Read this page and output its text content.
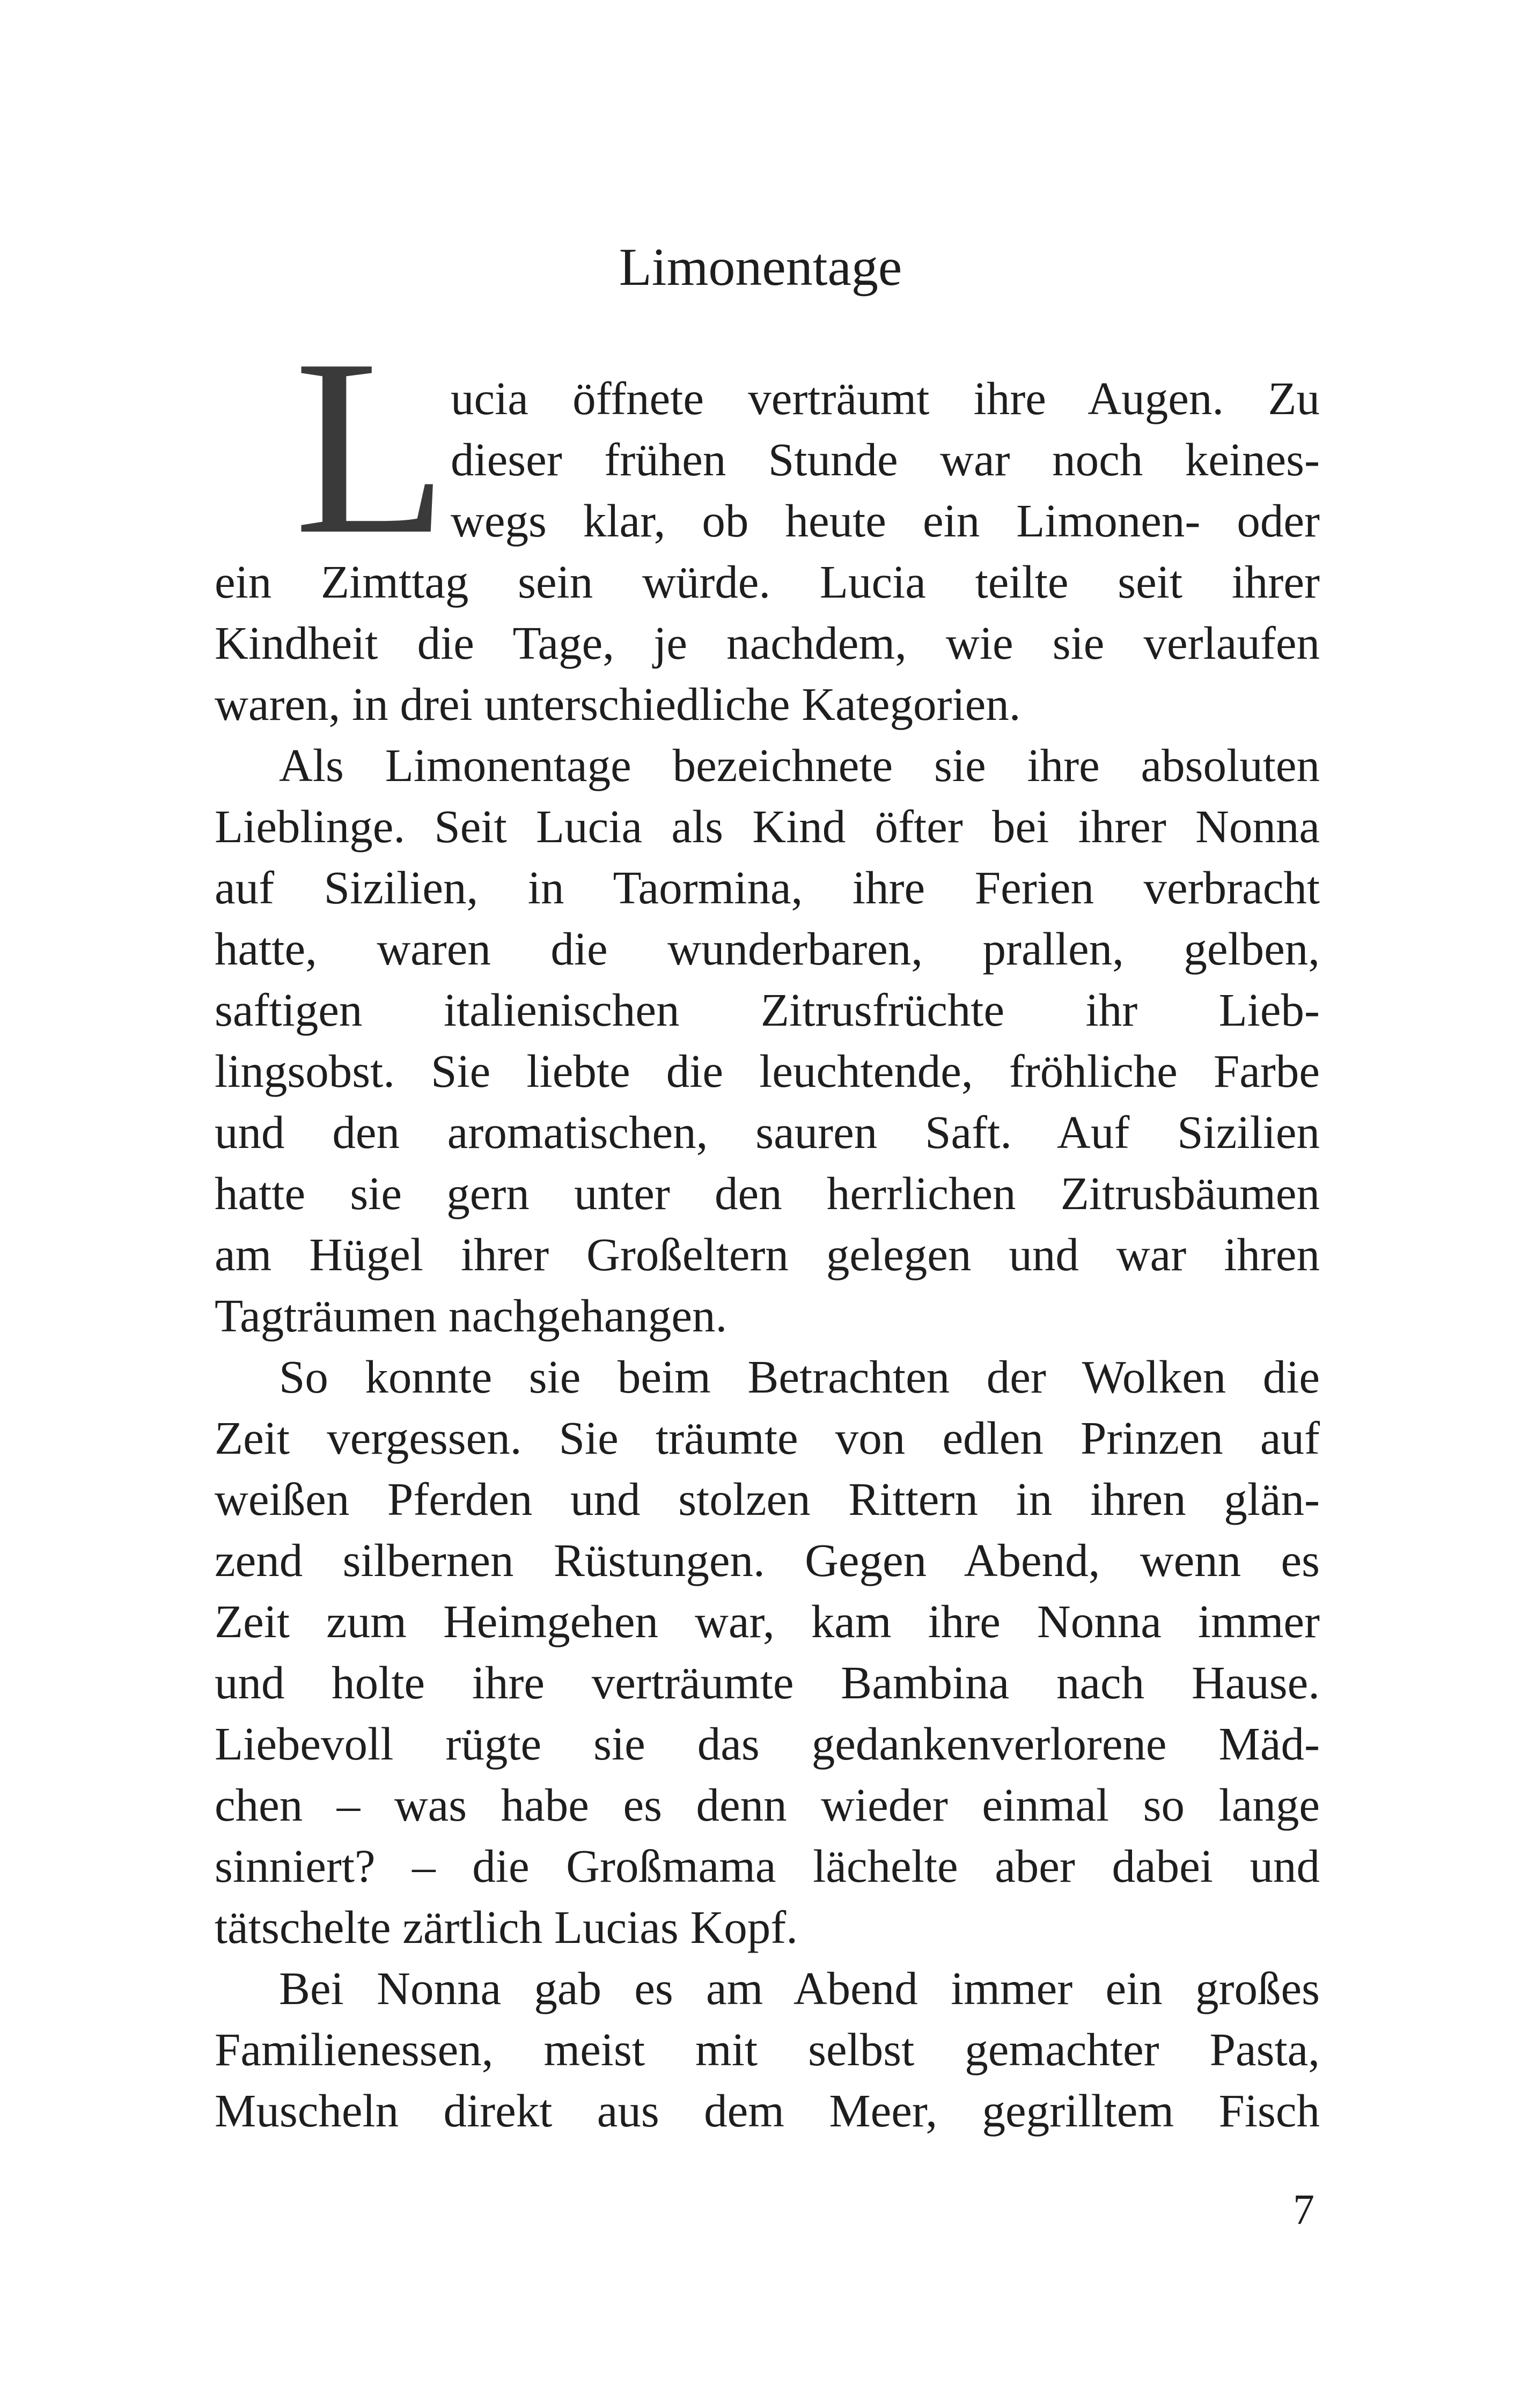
Limonentage
L ucia öffnete verträumt ihre Augen. Zu
dieser frühen Stunde war noch keines-
wegs klar, ob heute ein Limonen- oder
ein Zimttag sein würde. Lucia teilte seit ihrer
Kindheit die Tage, je nachdem, wie sie verlaufen
waren, in drei unterschiedliche Kategorien.
Als Limonentage bezeichnete sie ihre absoluten
Lieblinge. Seit Lucia als Kind öfter bei ihrer Nonna
auf Sizilien, in Taormina, ihre Ferien verbracht
hatte, waren die wunderbaren, prallen, gelben,
saftigen italienischen Zitrusfrüchte ihr Lieb-
lingsobst. Sie liebte die leuchtende, fröhliche Farbe
und den aromatischen, sauren Saft. Auf Sizilien
hatte sie gern unter den herrlichen Zitrusbäumen
am Hügel ihrer Großeltern gelegen und war ihren
Tagträumen nachgehangen.
So konnte sie beim Betrachten der Wolken die
Zeit vergessen. Sie träumte von edlen Prinzen auf
weißen Pferden und stolzen Rittern in ihren glän-
zend silbernen Rüstungen. Gegen Abend, wenn es
Zeit zum Heimgehen war, kam ihre Nonna immer
und holte ihre verträumte Bambina nach Hause.
Liebevoll rügte sie das gedankenverlorene Mäd-
chen – was habe es denn wieder einmal so lange
sinniert? – die Großmama lächelte aber dabei und
tätschelte zärtlich Lucias Kopf.
Bei Nonna gab es am Abend immer ein großes
Familienessen, meist mit selbst gemachter Pasta,
Muscheln direkt aus dem Meer, gegrilltem Fisch
7
